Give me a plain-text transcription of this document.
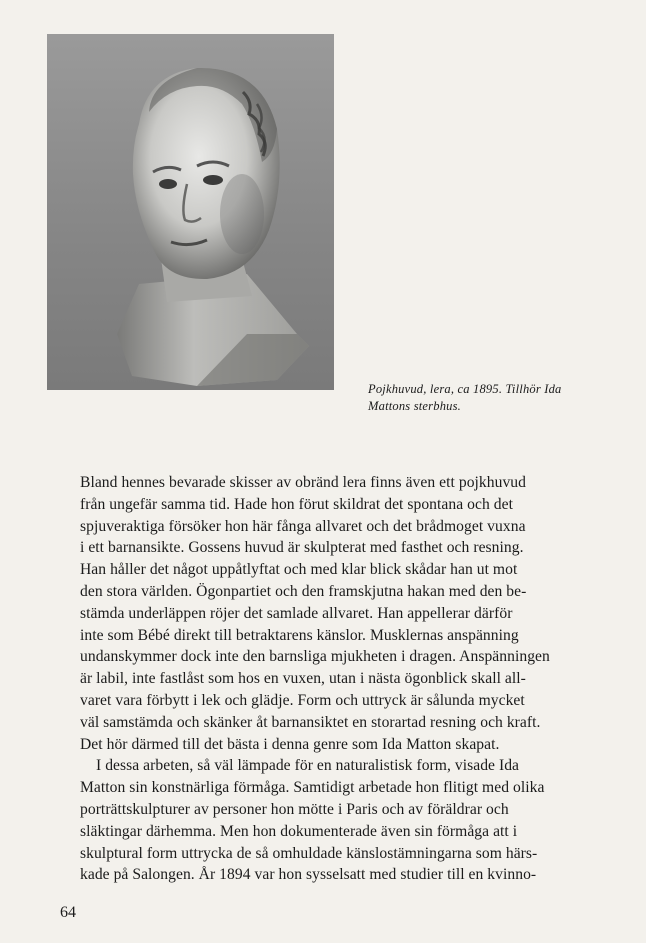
Pojkhuvud, lera, ca 1895. Tillhör Ida
Mattons sterbhus.

Bland hennes bevarade skisser av obränd lera finns även ett pojkhuvud
från ungefär samma tid. Hade hon förut skildrat det spontana och det
spjuveraktiga försöker hon här fånga allvaret och det brådmoget vuxna
i ett barnansikte. Gossens huvud är skulpterat med fasthet och resning.
Han håller det något uppåtlyftat och med klar blick skådar han ut mot
den stora världen. Ögonpartiet och den framskjutna hakan med den be-
stämda underläppen röjer det samlade allvaret. Han appellerar därför
inte som Bébé direkt till betraktarens känslor. Musklernas anspänning
undanskymmer dock inte den barnsliga mjukheten i dragen. Anspänningen
är labil, inte fastlåst som hos en vuxen, utan i nästa ögonblick skall all-
varet vara förbytt i lek och glädje. Form och uttryck är sålunda mycket
väl samstämda och skänker åt barnansiktet en storartad resning och kraft.
Det hör därmed till det bästa i denna genre som Ida Matton skapat.

I dessa arbeten, så väl lämpade för en naturalistisk form, visade Ida
Matton sin konstnärliga förmåga. Samtidigt arbetade hon flitigt med olika
porträttskulpturer av personer hon mötte i Paris och av föräldrar och
släktingar därhemma. Men hon dokumenterade även sin förmåga att i
skulptural form uttrycka de så omhuldade känslostämningarna som härs-
kade på Salongen. År 1894 var hon sysselsatt med studier till en kvinno-

64
